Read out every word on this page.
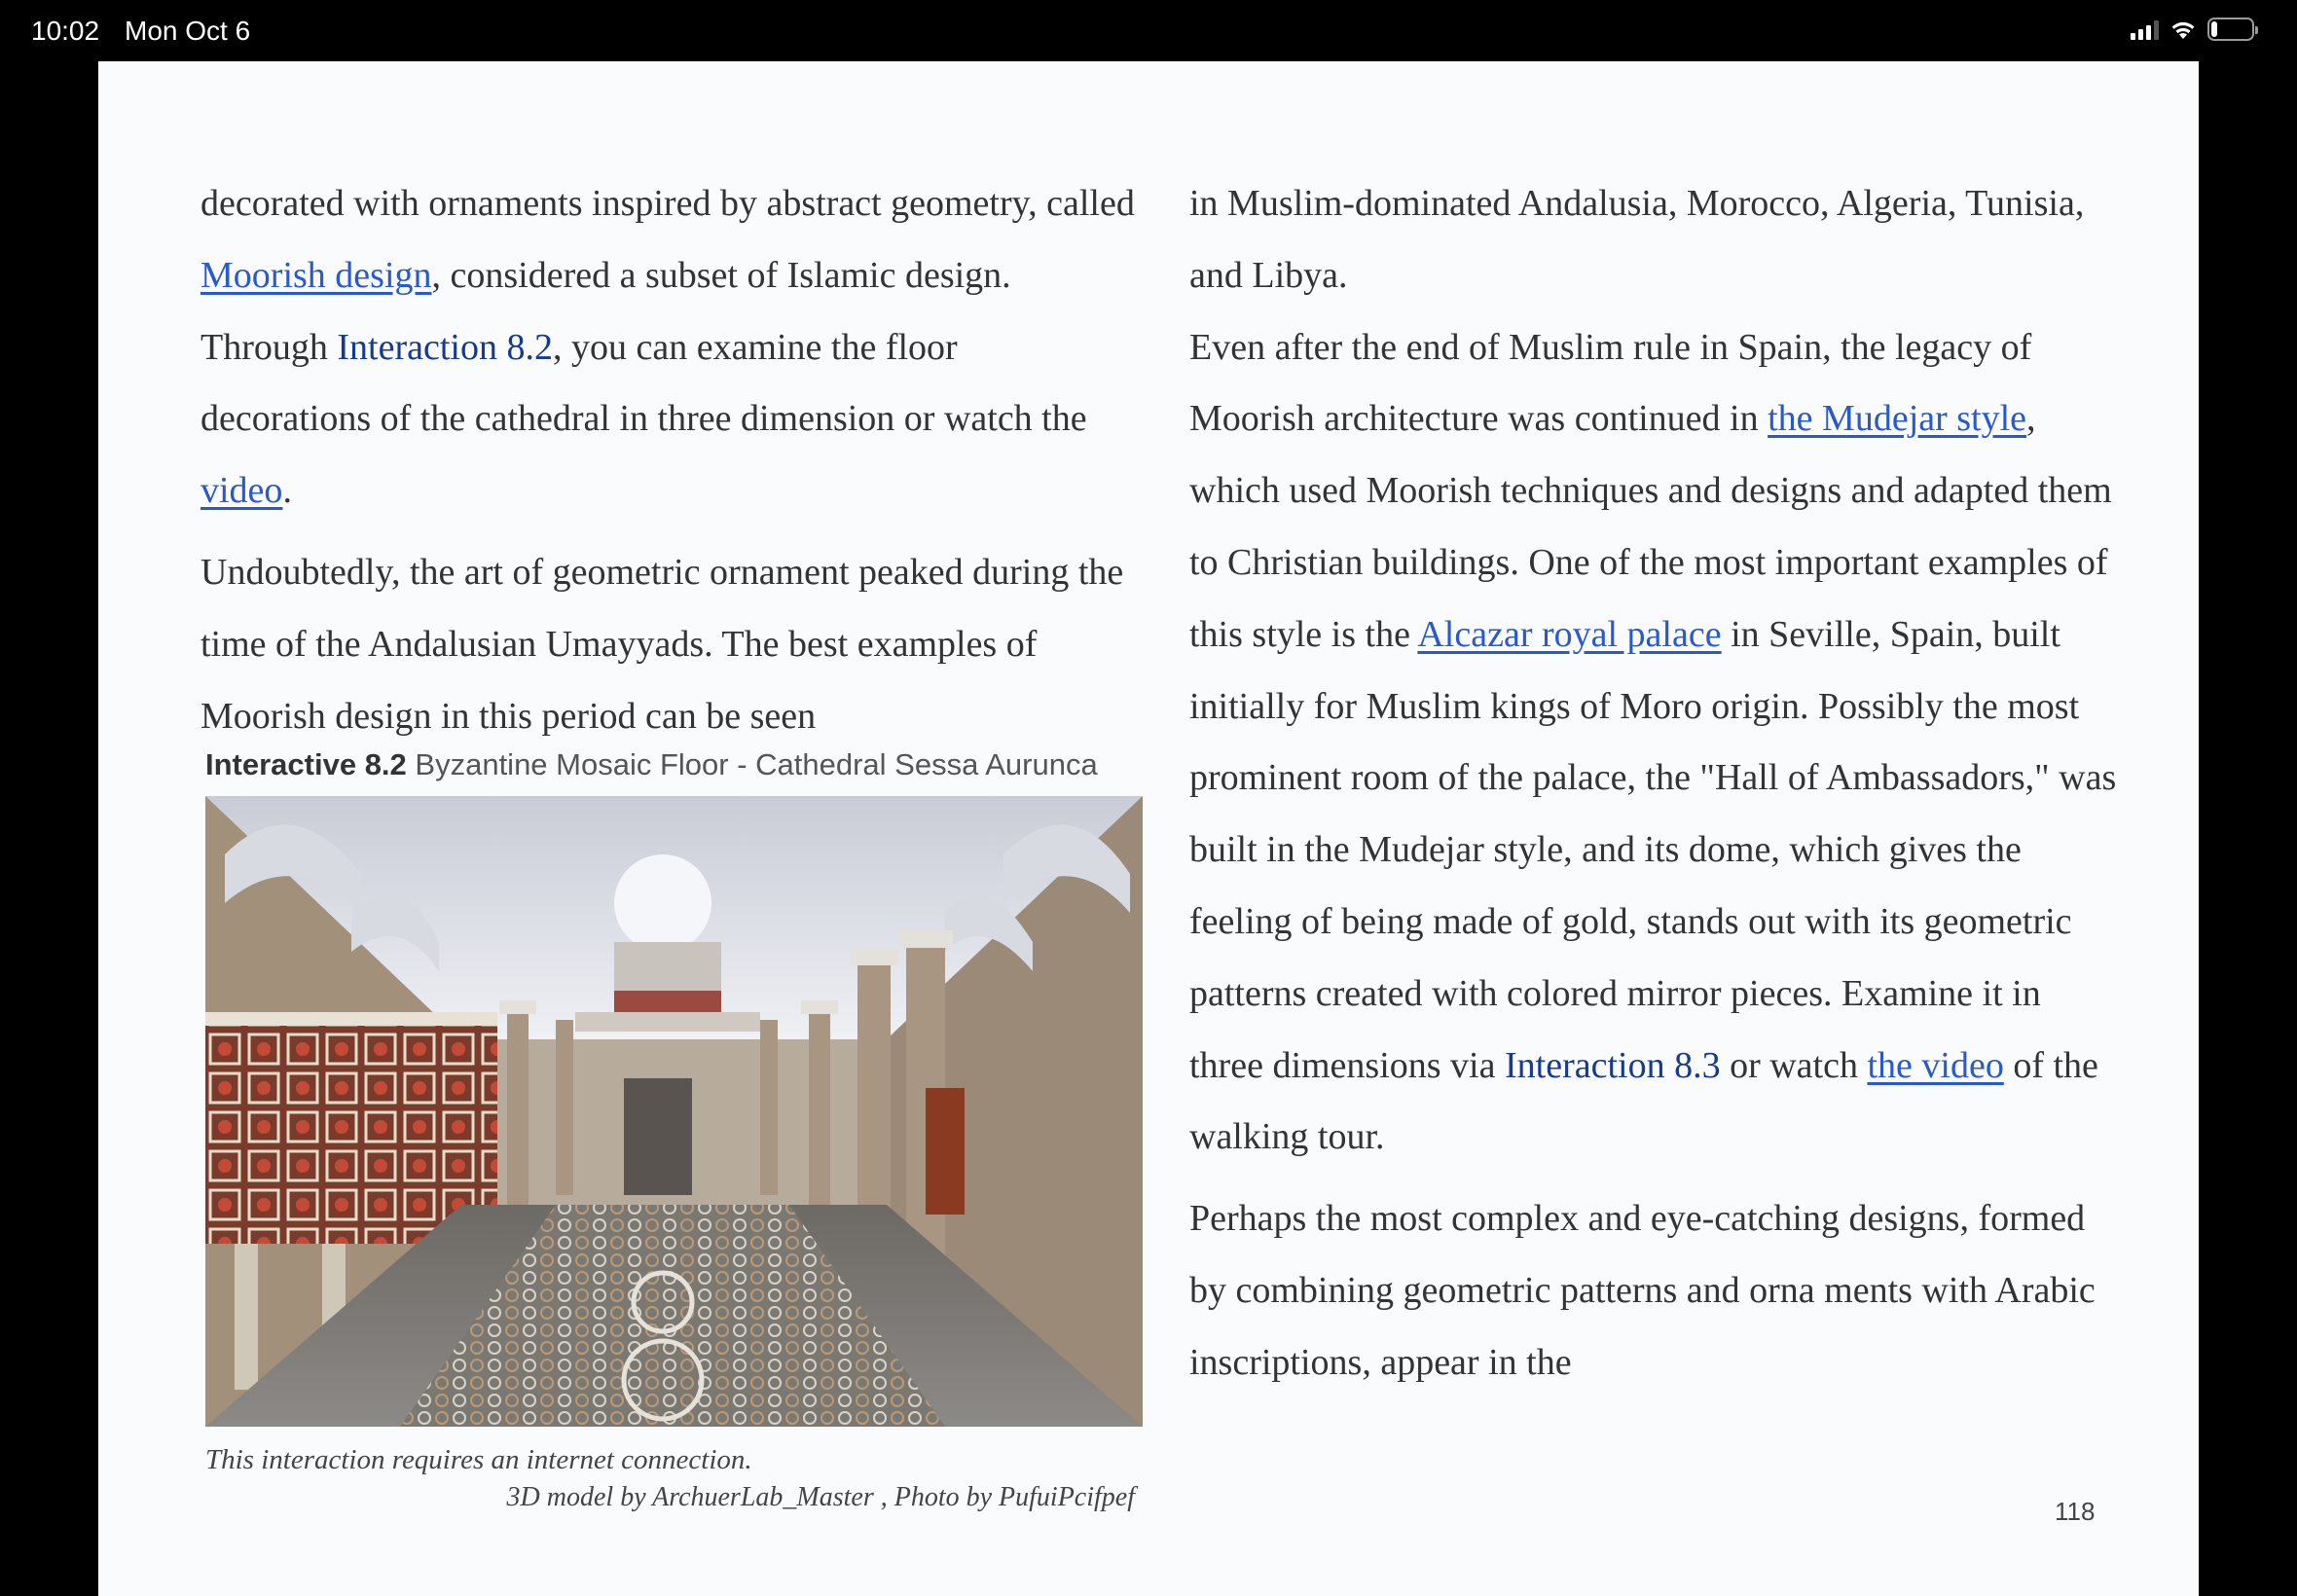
10:02 Mon Oct 6

decorated with ornaments inspired by abstract geometry, called Moorish design, considered a subset of Islamic design. Through Interaction 8.2, you can examine the floor decorations of the cathedral in three dimension or watch the video.

Undoubtedly, the art of geometric ornament peaked during the time of the Andalusian Umayyads. The best examples of Moorish design in this period can be seen

Interactive 8.2 Byzantine Mosaic Floor - Cathedral Sessa Aurunca

This interaction requires an internet connection.

3D model by ArchuerLab_Master , Photo by PufuiPcifpef

in Muslim-dominated Andalusia, Morocco, Algeria, Tunisia, and Libya.

Even after the end of Muslim rule in Spain, the legacy of Moorish architecture was continued in the Mudejar style, which used Moorish techniques and designs and adapted them to Christian buildings. One of the most important examples of this style is the Alcazar royal palace in Seville, Spain, built initially for Muslim kings of Moro origin. Possibly the most prominent room of the palace, the "Hall of Ambassadors," was built in the Mudejar style, and its dome, which gives the feeling of being made of gold, stands out with its geometric patterns created with colored mirror pieces. Examine it in three dimensions via Interaction 8.3 or watch the video of the walking tour.

Perhaps the most complex and eye-catching designs, formed by combining geometric patterns and orna ments with Arabic inscriptions, appear in the

118
